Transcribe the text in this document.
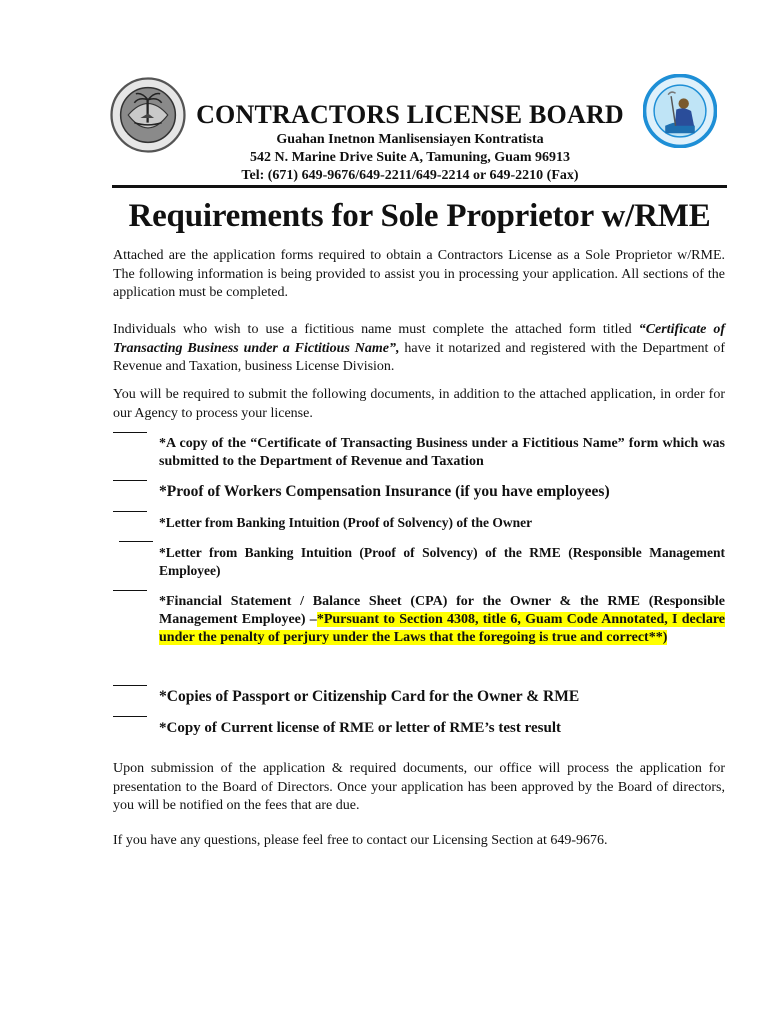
CONTRACTORS LICENSE BOARD
Guahan Inetnon Manlisensiayen Kontratista
542 N. Marine Drive Suite A, Tamuning, Guam 96913
Tel: (671) 649-9676/649-2211/649-2214 or 649-2210 (Fax)
Requirements for Sole Proprietor w/RME
Attached are the application forms required to obtain a Contractors License as a Sole Proprietor w/RME. The following information is being provided to assist you in processing your application. All sections of the application must be completed.
Individuals who wish to use a fictitious name must complete the attached form titled “Certificate of Transacting Business under a Fictitious Name”, have it notarized and registered with the Department of Revenue and Taxation, business License Division.
You will be required to submit the following documents, in addition to the attached application, in order for our Agency to process your license.
*A copy of the “Certificate of Transacting Business under a Fictitious Name” form which was submitted to the Department of Revenue and Taxation
*Proof of Workers Compensation Insurance (if you have employees)
*Letter from Banking Intuition (Proof of Solvency) of the Owner
*Letter from Banking Intuition (Proof of Solvency) of the RME (Responsible Management Employee)
*Financial Statement / Balance Sheet (CPA) for the Owner & the RME (Responsible Management Employee) –*Pursuant to Section 4308, title 6, Guam Code Annotated, I declare under the penalty of perjury under the Laws that the foregoing is true and correct**)
*Copies of Passport or Citizenship Card for the Owner & RME
*Copy of Current license of RME or letter of RME’s test result
Upon submission of the application & required documents, our office will process the application for presentation to the Board of Directors. Once your application has been approved by the Board of directors, you will be notified on the fees that are due.
If you have any questions, please feel free to contact our Licensing Section at 649-9676.
